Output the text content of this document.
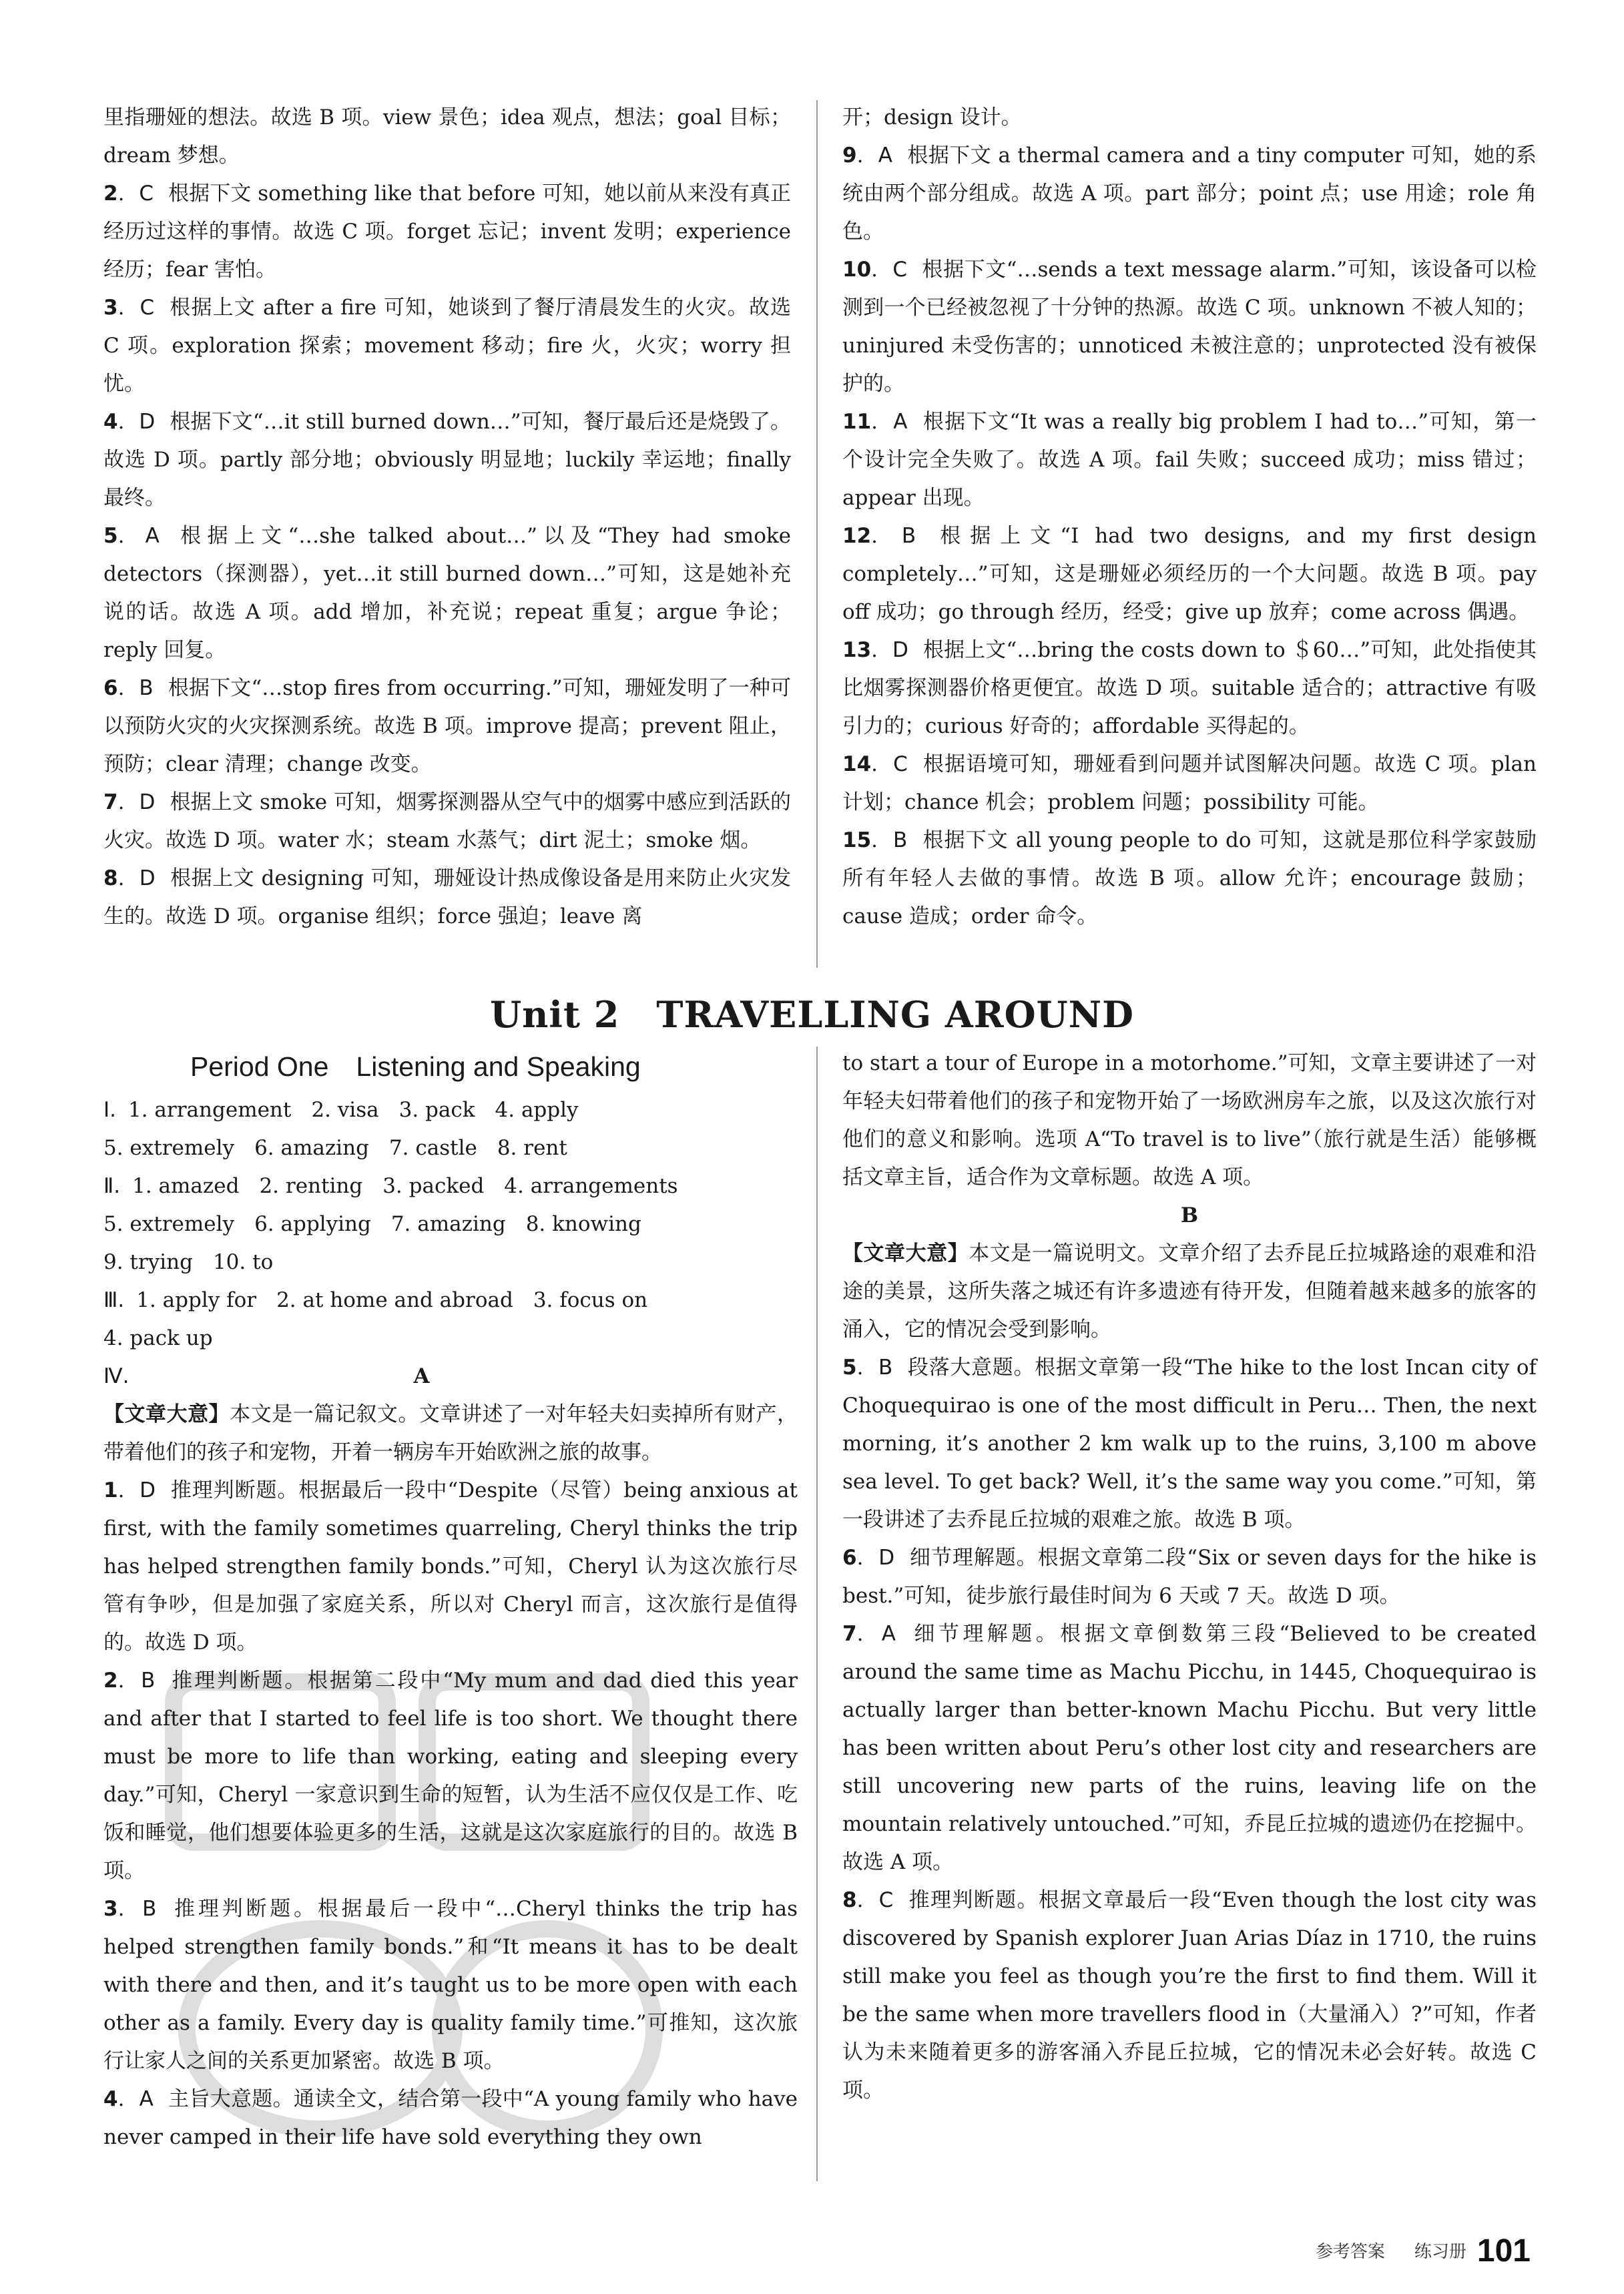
里指珊娅的想法。故选 B 项。view 景色；idea 观点，想法；goal 目标；dream 梦想。

2. C 根据下文 something like that before 可知，她以前从来没有真正经历过这样的事情。故选 C 项。forget 忘记；invent 发明；experience 经历；fear 害怕。

3. C 根据上文 after a fire 可知，她谈到了餐厅清晨发生的火灾。故选 C 项。exploration 探索；movement 移动；fire 火，火灾；worry 担忧。

4. D 根据下文“…it still burned down…”可知，餐厅最后还是烧毁了。故选 D 项。partly 部分地；obviously 明显地；luckily 幸运地；finally 最终。

5. A 根据上文“…she talked about…”以及“They had smoke detectors（探测器），yet…it still burned down…”可知，这是她补充说的话。故选 A 项。add 增加，补充说；repeat 重复；argue 争论；reply 回复。

6. B 根据下文“…stop fires from occurring.”可知，珊娅发明了一种可以预防火灾的火灾探测系统。故选 B 项。improve 提高；prevent 阻止，预防；clear 清理；change 改变。

7. D 根据上文 smoke 可知，烟雾探测器从空气中的烟雾中感应到活跃的火灾。故选 D 项。water 水；steam 水蒸气；dirt 泥土；smoke 烟。

8. D 根据上文 designing 可知，珊娅设计热成像设备是用来防止火灾发生的。故选 D 项。organise 组织；force 强迫；leave 离

开；design 设计。

9. A 根据下文 a thermal camera and a tiny computer 可知，她的系统由两个部分组成。故选 A 项。part 部分；point 点；use 用途；role 角色。

10. C 根据下文“…sends a text message alarm.”可知，该设备可以检测到一个已经被忽视了十分钟的热源。故选 C 项。unknown 不被人知的；uninjured 未受伤害的；unnoticed 未被注意的；unprotected 没有被保护的。

11. A 根据下文“It was a really big problem I had to…”可知，第一个设计完全失败了。故选 A 项。fail 失败；succeed 成功；miss 错过；appear 出现。

12. B 根据上文“I had two designs, and my first design completely…”可知，这是珊娅必须经历的一个大问题。故选 B 项。pay off 成功；go through 经历，经受；give up 放弃；come across 偶遇。

13. D 根据上文“…bring the costs down to ＄60…”可知，此处指使其比烟雾探测器价格更便宜。故选 D 项。suitable 适合的；attractive 有吸引力的；curious 好奇的；affordable 买得起的。

14. C 根据语境可知，珊娅看到问题并试图解决问题。故选 C 项。plan 计划；chance 机会；problem 问题；possibility 可能。

15. B 根据下文 all young people to do 可知，这就是那位科学家鼓励所有年轻人去做的事情。故选 B 项。allow 允许；encourage 鼓励；cause 造成；order 命令。

Unit 2　TRAVELLING AROUND
Period One　Listening and Speaking

Ⅰ. 1. arrangement 2. visa 3. pack 4. apply

5. extremely 6. amazing 7. castle 8. rent

Ⅱ. 1. amazed 2. renting 3. packed 4. arrangements

5. extremely 6. applying 7. amazing 8. knowing

9. trying 10. to

Ⅲ. 1. apply for 2. at home and abroad 3. focus on

4. pack up

Ⅳ.	A

【文章大意】本文是一篇记叙文。文章讲述了一对年轻夫妇卖掉所有财产，带着他们的孩子和宠物，开着一辆房车开始欧洲之旅的故事。

1. D 推理判断题。根据最后一段中“Despite（尽管）being anxious at first, with the family sometimes quarreling, Cheryl thinks the trip has helped strengthen family bonds.”可知，Cheryl 认为这次旅行尽管有争吵，但是加强了家庭关系，所以对 Cheryl 而言，这次旅行是值得的。故选 D 项。

2. B 推理判断题。根据第二段中“My mum and dad died this year and after that I started to feel life is too short. We thought there must be more to life than working, eating and sleeping every day.”可知，Cheryl 一家意识到生命的短暂，认为生活不应仅仅是工作、吃饭和睡觉，他们想要体验更多的生活，这就是这次家庭旅行的目的。故选 B 项。

3. B 推理判断题。根据最后一段中“…Cheryl thinks the trip has helped strengthen family bonds.”和“It means it has to be dealt with there and then, and it’s taught us to be more open with each other as a family. Every day is quality family time.”可推知，这次旅行让家人之间的关系更加紧密。故选 B 项。

4. A 主旨大意题。通读全文，结合第一段中“A young family who have never camped in their life have sold everything they own

to start a tour of Europe in a motorhome.”可知，文章主要讲述了一对年轻夫妇带着他们的孩子和宠物开始了一场欧洲房车之旅，以及这次旅行对他们的意义和影响。选项 A“To travel is to live”（旅行就是生活）能够概括文章主旨，适合作为文章标题。故选 A 项。

B

【文章大意】本文是一篇说明文。文章介绍了去乔昆丘拉城路途的艰难和沿途的美景，这所失落之城还有许多遗迹有待开发，但随着越来越多的旅客的涌入，它的情况会受到影响。

5. B 段落大意题。根据文章第一段“The hike to the lost Incan city of Choquequirao is one of the most difficult in Peru… Then, the next morning, it’s another 2 km walk up to the ruins, 3,100 m above sea level. To get back? Well, it’s the same way you come.”可知，第一段讲述了去乔昆丘拉城的艰难之旅。故选 B 项。

6. D 细节理解题。根据文章第二段“Six or seven days for the hike is best.”可知，徒步旅行最佳时间为 6 天或 7 天。故选 D 项。

7. A 细节理解题。根据文章倒数第三段“Believed to be created around the same time as Machu Picchu, in 1445, Choquequirao is actually larger than better-known Machu Picchu. But very little has been written about Peru’s other lost city and researchers are still uncovering new parts of the ruins, leaving life on the mountain relatively untouched.”可知，乔昆丘拉城的遗迹仍在挖掘中。故选 A 项。

8. C 推理判断题。根据文章最后一段“Even though the lost city was discovered by Spanish explorer Juan Arias Díaz in 1710, the ruins still make you feel as though you’re the first to find them. Will it be the same when more travellers flood in（大量涌入）?”可知，作者认为未来随着更多的游客涌入乔昆丘拉城，它的情况未必会好转。故选 C 项。

参考答案 练习册 101
